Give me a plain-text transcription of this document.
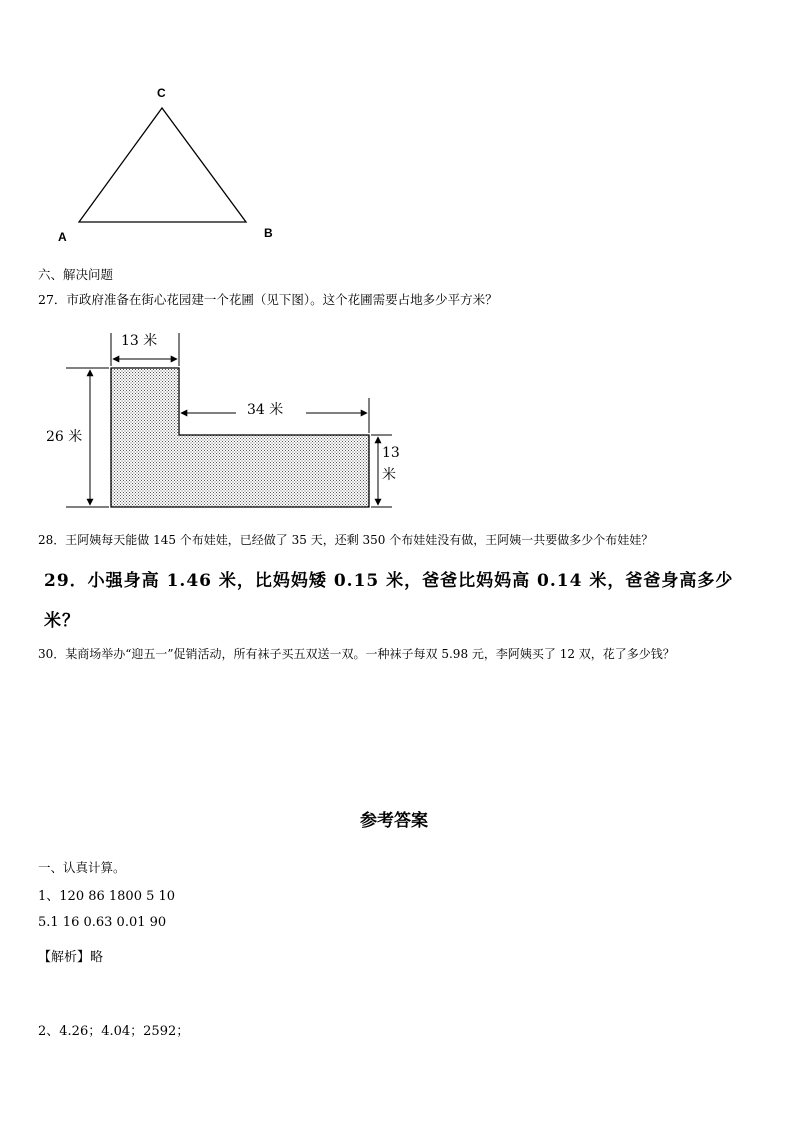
C
A	B
六、解决问题
27．市政府准备在街心花园建一个花圃（见下图）。这个花圃需要占地多少平方米？
13 米
26 米
34 米
13
米
28．王阿姨每天能做 145 个布娃娃，已经做了 35 天，还剩 350 个布娃娃没有做，王阿姨一共要做多少个布娃娃？
29．小强身高 1.46 米，比妈妈矮 0.15 米，爸爸比妈妈高 0.14 米，爸爸身高多少
米？
30．某商场举办“迎五一”促销活动，所有袜子买五双送一双。一种袜子每双 5.98 元，李阿姨买了 12 双，花了多少钱？
参考答案
一、认真计算。
1、120 86 1800 5 10
5.1 16 0.63 0.01 90
【解析】略
2、4.26；4.04；2592；
